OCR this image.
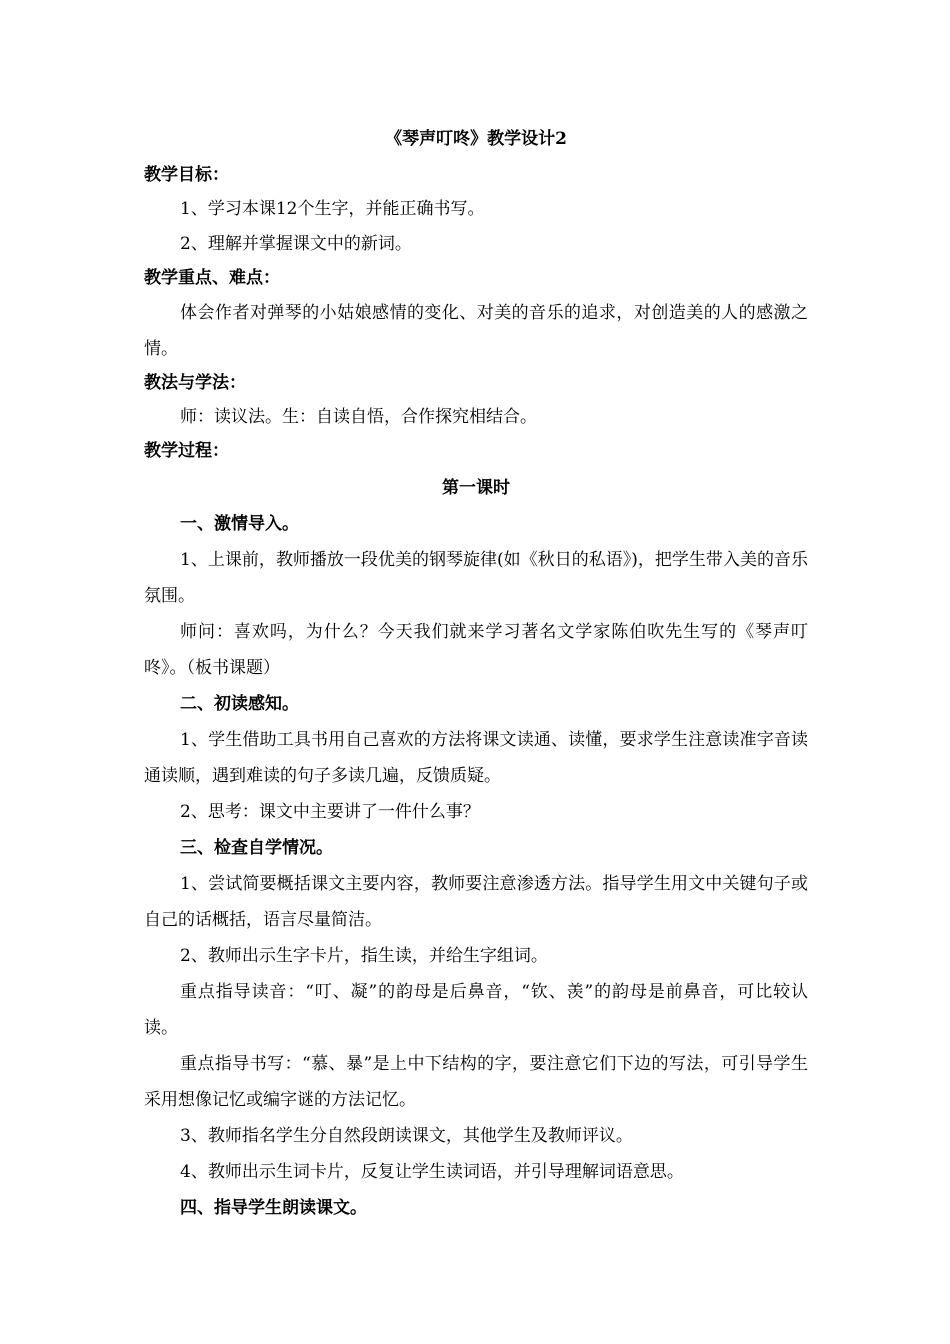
《琴声叮咚》教学设计2

教学目标：

1、学习本课12个生字，并能正确书写。

2、理解并掌握课文中的新词。

教学重点、难点：

体会作者对弹琴的小姑娘感情的变化、对美的音乐的追求，对创造美的人的感激之情。

教法与学法：

师：读议法。生：自读自悟，合作探究相结合。

教学过程：

第一课时

一、激情导入。

1、上课前，教师播放一段优美的钢琴旋律(如《秋日的私语》)，把学生带入美的音乐氛围。

师问：喜欢吗，为什么？今天我们就来学习著名文学家陈伯吹先生写的《琴声叮咚》。（板书课题）

二、初读感知。

1、学生借助工具书用自己喜欢的方法将课文读通、读懂，要求学生注意读准字音读通读顺，遇到难读的句子多读几遍，反馈质疑。

2、思考：课文中主要讲了一件什么事？

三、检查自学情况。

1、尝试简要概括课文主要内容，教师要注意渗透方法。指导学生用文中关键句子或自己的话概括，语言尽量简洁。

2、教师出示生字卡片，指生读，并给生字组词。

重点指导读音：“叮、凝”的韵母是后鼻音，“钦、羡”的韵母是前鼻音，可比较认读。

重点指导书写：“慕、暴”是上中下结构的字，要注意它们下边的写法，可引导学生采用想像记忆或编字谜的方法记忆。

3、教师指名学生分自然段朗读课文，其他学生及教师评议。

4、教师出示生词卡片，反复让学生读词语，并引导理解词语意思。

四、指导学生朗读课文。
